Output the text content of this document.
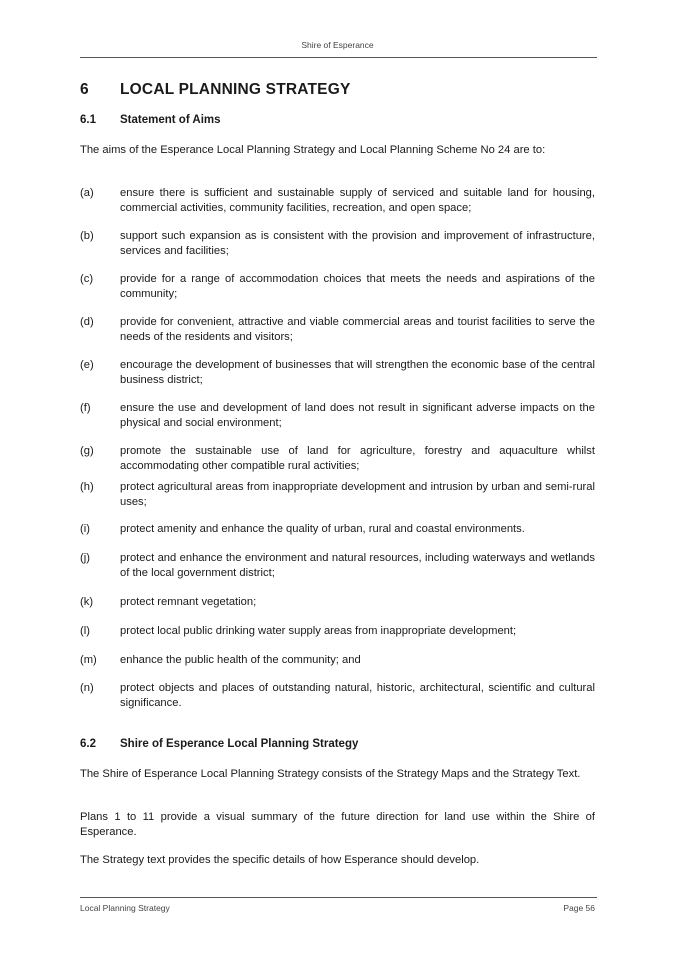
Shire of Esperance
6 LOCAL PLANNING STRATEGY
6.1 Statement of Aims
The aims of the Esperance Local Planning Strategy and Local Planning Scheme No 24 are to:
(a) ensure there is sufficient and sustainable supply of serviced and suitable land for housing, commercial activities, community facilities, recreation, and open space;
(b) support such expansion as is consistent with the provision and improvement of infrastructure, services and facilities;
(c) provide for a range of accommodation choices that meets the needs and aspirations of the community;
(d) provide for convenient, attractive and viable commercial areas and tourist facilities to serve the needs of the residents and visitors;
(e) encourage the development of businesses that will strengthen the economic base of the central business district;
(f)	ensure the use and development of land does not result in significant adverse impacts on the physical and social environment;
(g) promote the sustainable use of land for agriculture, forestry and aquaculture whilst accommodating other compatible rural activities;
(h) protect agricultural areas from inappropriate development and intrusion by urban and semi-rural uses;
(i)	protect amenity and enhance the quality of urban, rural and coastal environments.
(j)	protect and enhance the environment and natural resources, including waterways and wetlands of the local government district;
(k) protect remnant vegetation;
(l)	protect local public drinking water supply areas from inappropriate development;
(m) enhance the public health of the community; and
(n) protect objects and places of outstanding natural, historic, architectural, scientific and cultural significance.
6.2 Shire of Esperance Local Planning Strategy
The Shire of Esperance Local Planning Strategy consists of the Strategy Maps and the Strategy Text.
Plans 1 to 11 provide a visual summary of the future direction for land use within the Shire of Esperance.
The Strategy text provides the specific details of how Esperance should develop.
Local Planning Strategy	Page 56
